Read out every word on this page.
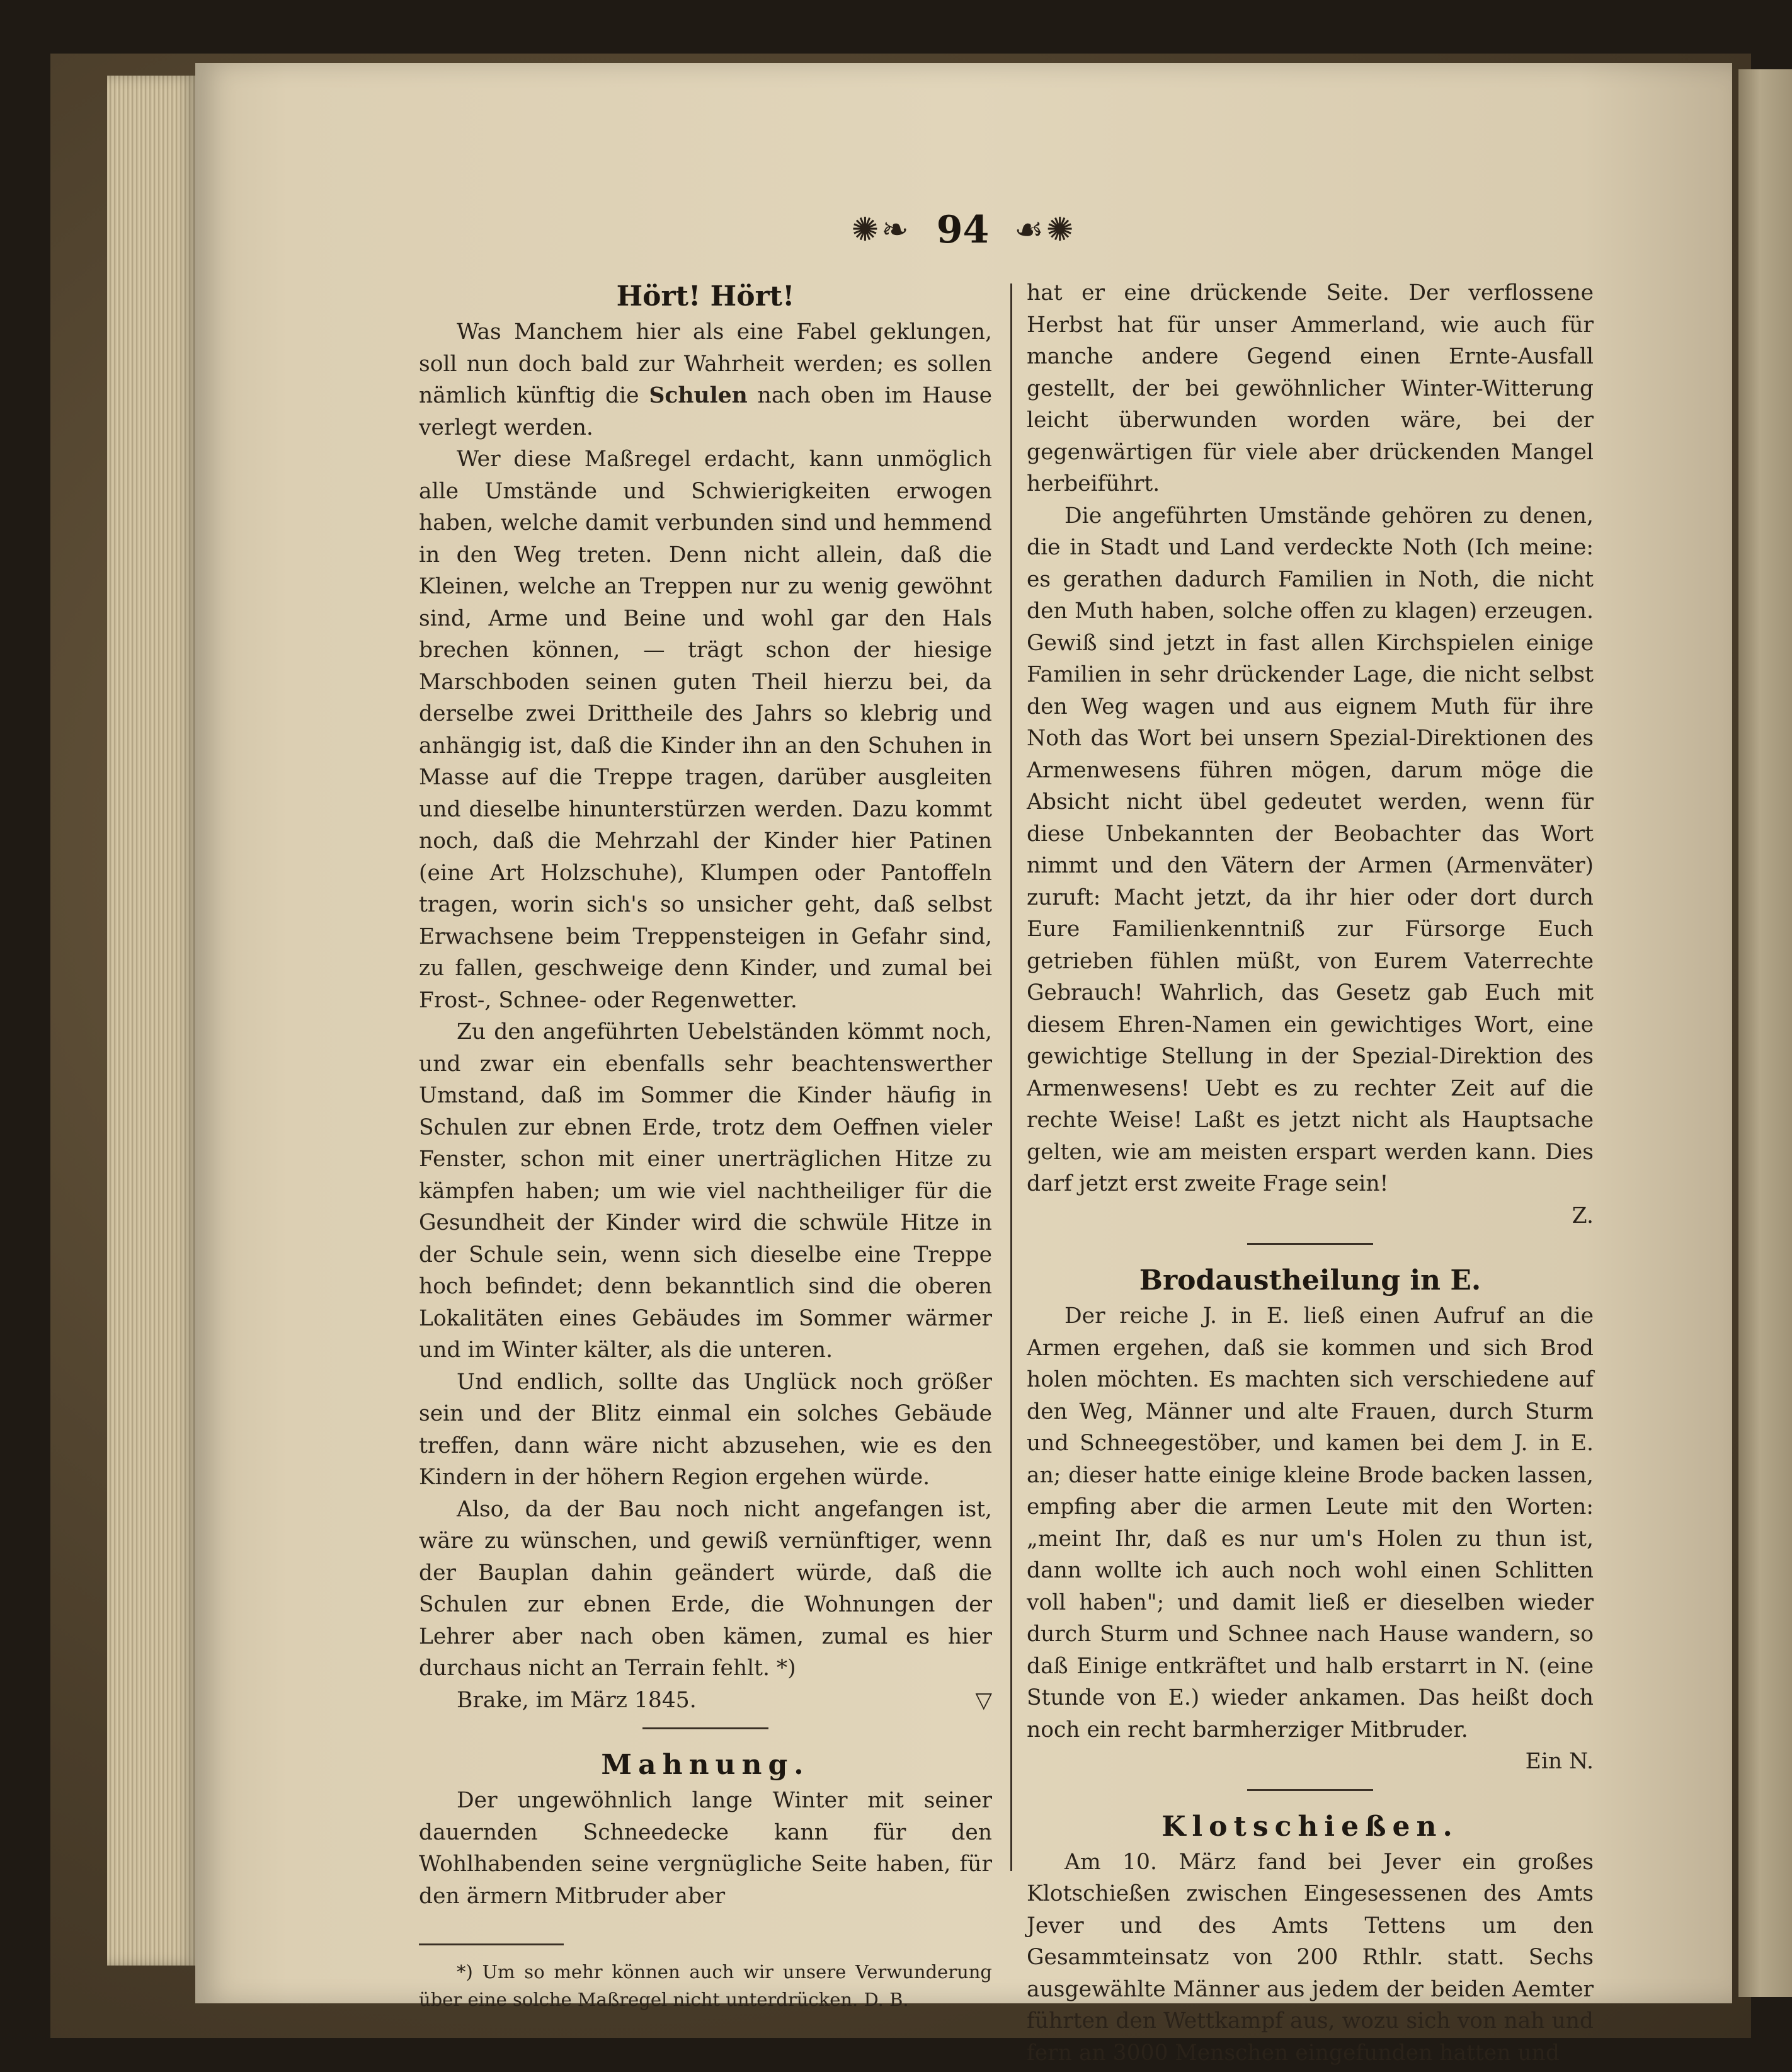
✺❧ 94 ☙✺
Hört! Hört!

Was Manchem hier als eine Fabel geklungen, soll nun doch bald zur Wahrheit werden; es sollen nämlich künftig die Schulen nach oben im Hause verlegt werden.

Wer diese Maßregel erdacht, kann unmöglich alle Umstände und Schwierigkeiten erwogen haben, welche damit verbunden sind und hemmend in den Weg treten. Denn nicht allein, daß die Kleinen, welche an Treppen nur zu wenig gewöhnt sind, Arme und Beine und wohl gar den Hals brechen können, — trägt schon der hiesige Marschboden seinen guten Theil hierzu bei, da derselbe zwei Drittheile des Jahrs so klebrig und anhängig ist, daß die Kinder ihn an den Schuhen in Masse auf die Treppe tragen, darüber ausgleiten und dieselbe hinunterstürzen werden. Dazu kommt noch, daß die Mehrzahl der Kinder hier Patinen (eine Art Holzschuhe), Klumpen oder Pantoffeln tragen, worin sich's so unsicher geht, daß selbst Erwachsene beim Treppensteigen in Gefahr sind, zu fallen, geschweige denn Kinder, und zumal bei Frost-, Schnee- oder Regenwetter.

Zu den angeführten Uebelständen kömmt noch, und zwar ein ebenfalls sehr beachtenswerther Umstand, daß im Sommer die Kinder häufig in Schulen zur ebnen Erde, trotz dem Oeffnen vieler Fenster, schon mit einer unerträglichen Hitze zu kämpfen haben; um wie viel nachtheiliger für die Gesundheit der Kinder wird die schwüle Hitze in der Schule sein, wenn sich dieselbe eine Treppe hoch befindet; denn bekanntlich sind die oberen Lokalitäten eines Gebäudes im Sommer wärmer und im Winter kälter, als die unteren.

Und endlich, sollte das Unglück noch größer sein und der Blitz einmal ein solches Gebäude treffen, dann wäre nicht abzusehen, wie es den Kindern in der höhern Region ergehen würde.

Also, da der Bau noch nicht angefangen ist, wäre zu wünschen, und gewiß vernünftiger, wenn der Bauplan dahin geändert würde, daß die Schulen zur ebnen Erde, die Wohnungen der Lehrer aber nach oben kämen, zumal es hier durchaus nicht an Terrain fehlt. *)

Brake, im März 1845.	▽

Mahnung.

Der ungewöhnlich lange Winter mit seiner dauernden Schneedecke kann für den Wohlhabenden seine vergnügliche Seite haben, für den ärmern Mitbruder aber

*) Um so mehr können auch wir unsere Verwunderung über eine solche Maßregel nicht unterdrücken. D. B.

hat er eine drückende Seite. Der verflossene Herbst hat für unser Ammerland, wie auch für manche andere Gegend einen Ernte-Ausfall gestellt, der bei gewöhnlicher Winter-Witterung leicht überwunden worden wäre, bei der gegenwärtigen für viele aber drückenden Mangel herbeiführt.

Die angeführten Umstände gehören zu denen, die in Stadt und Land verdeckte Noth (Ich meine: es gerathen dadurch Familien in Noth, die nicht den Muth haben, solche offen zu klagen) erzeugen. Gewiß sind jetzt in fast allen Kirchspielen einige Familien in sehr drückender Lage, die nicht selbst den Weg wagen und aus eignem Muth für ihre Noth das Wort bei unsern Spezial-Direktionen des Armenwesens führen mögen, darum möge die Absicht nicht übel gedeutet werden, wenn für diese Unbekannten der Beobachter das Wort nimmt und den Vätern der Armen (Armenväter) zuruft: Macht jetzt, da ihr hier oder dort durch Eure Familienkenntniß zur Fürsorge Euch getrieben fühlen müßt, von Eurem Vaterrechte Gebrauch! Wahrlich, das Gesetz gab Euch mit diesem Ehren-Namen ein gewichtiges Wort, eine gewichtige Stellung in der Spezial-Direktion des Armenwesens! Uebt es zu rechter Zeit auf die rechte Weise! Laßt es jetzt nicht als Hauptsache gelten, wie am meisten erspart werden kann. Dies darf jetzt erst zweite Frage sein!

Z.

Brodaustheilung in E.

Der reiche J. in E. ließ einen Aufruf an die Armen ergehen, daß sie kommen und sich Brod holen möchten. Es machten sich verschiedene auf den Weg, Männer und alte Frauen, durch Sturm und Schneegestöber, und kamen bei dem J. in E. an; dieser hatte einige kleine Brode backen lassen, empfing aber die armen Leute mit den Worten: „meint Ihr, daß es nur um's Holen zu thun ist, dann wollte ich auch noch wohl einen Schlitten voll haben"; und damit ließ er dieselben wieder durch Sturm und Schnee nach Hause wandern, so daß Einige entkräftet und halb erstarrt in N. (eine Stunde von E.) wieder ankamen. Das heißt doch noch ein recht barmherziger Mitbruder.

Ein N.

Klotschießen.

Am 10. März fand bei Jever ein großes Klotschießen zwischen Eingesessenen des Amts Jever und des Amts Tettens um den Gesammteinsatz von 200 Rthlr. statt. Sechs ausgewählte Männer aus jedem der beiden Aemter führten den Wettkampf aus, wozu sich von nah und fern an 3000 Menschen eingefunden hatten und
